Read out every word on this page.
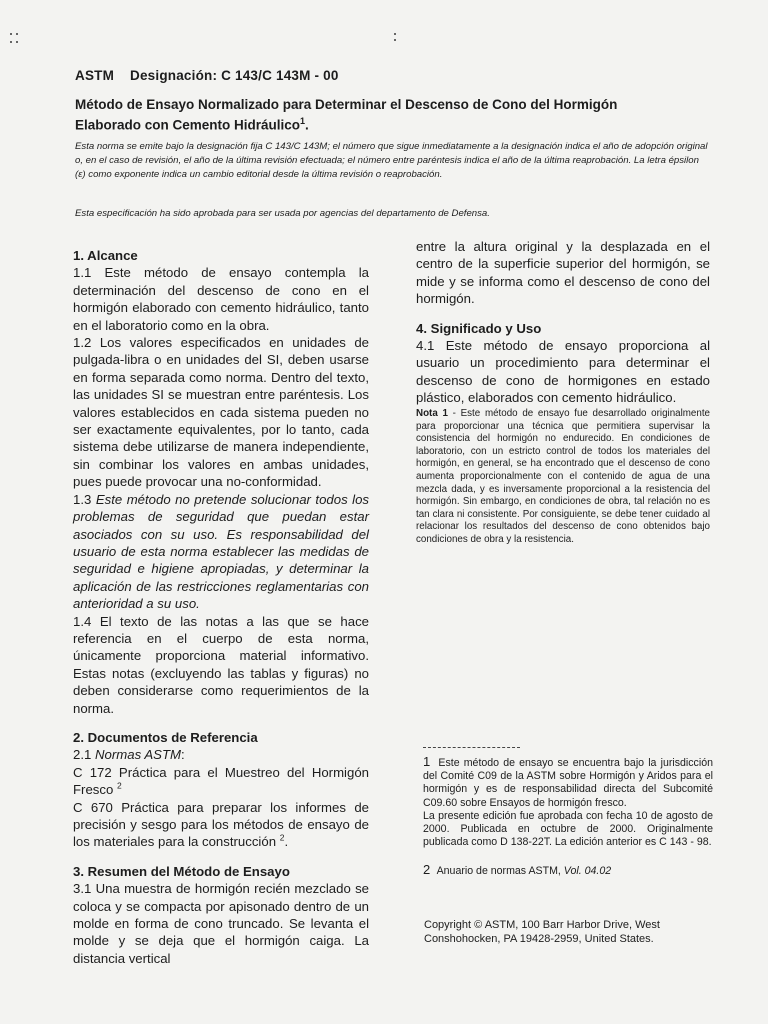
ASTM Designación: C 143/C 143M - 00
Método de Ensayo Normalizado para Determinar el Descenso de Cono del Hormigón Elaborado con Cemento Hidráulico$^1$.
Esta norma se emite bajo la designación fija C 143/C 143M; el número que sigue inmediatamente a la designación indica el año de adopción original o, en el caso de revisión, el año de la última revisión efectuada; el número entre paréntesis indica el año de la última reaprobación. La letra épsilon (ε) como exponente indica un cambio editorial desde la última revisión o reaprobación.
Esta especificación ha sido aprobada para ser usada por agencias del departamento de Defensa.
1. Alcance

1.1 Este método de ensayo contempla la determinación del descenso de cono en el hormigón elaborado con cemento hidráulico, tanto en el laboratorio como en la obra.

1.2 Los valores especificados en unidades de pulgada-libra o en unidades del SI, deben usarse en forma separada como norma. Dentro del texto, las unidades SI se muestran entre paréntesis. Los valores establecidos en cada sistema pueden no ser exactamente equivalentes, por lo tanto, cada sistema debe utilizarse de manera independiente, sin combinar los valores en ambas unidades, pues puede provocar una no-conformidad.

1.3 Este método no pretende solucionar todos los problemas de seguridad que puedan estar asociados con su uso. Es responsabilidad del usuario de esta norma establecer las medidas de seguridad e higiene apropiadas, y determinar la aplicación de las restricciones reglamentarias con anterioridad a su uso.

1.4 El texto de las notas a las que se hace referencia en el cuerpo de esta norma, únicamente proporciona material informativo. Estas notas (excluyendo las tablas y figuras) no deben considerarse como requerimientos de la norma.

2. Documentos de Referencia

2.1 Normas ASTM:

C 172 Práctica para el Muestreo del Hormigón Fresco $^2$

C 670 Práctica para preparar los informes de precisión y sesgo para los métodos de ensayo de los materiales para la construcción $^2$.

3. Resumen del Método de Ensayo

3.1 Una muestra de hormigón recién mezclado se coloca y se compacta por apisonado dentro de un molde en forma de cono truncado. Se levanta el molde y se deja que el hormigón caiga. La distancia vertical

entre la altura original y la desplazada en el centro de la superficie superior del hormigón, se mide y se informa como el descenso de cono del hormigón.

4. Significado y Uso

4.1 Este método de ensayo proporciona al usuario un procedimiento para determinar el descenso de cono de hormigones en estado plástico, elaborados con cemento hidráulico.

Nota 1 - Este método de ensayo fue desarrollado originalmente para proporcionar una técnica que permitiera supervisar la consistencia del hormigón no endurecido. En condiciones de laboratorio, con un estricto control de todos los materiales del hormigón, en general, se ha encontrado que el descenso de cono aumenta proporcionalmente con el contenido de agua de una mezcla dada, y es inversamente proporcional a la resistencia del hormigón. Sin embargo, en condiciones de obra, tal relación no es tan clara ni consistente. Por consiguiente, se debe tener cuidado al relacionar los resultados del descenso de cono obtenidos bajo condiciones de obra y la resistencia.

1 Este método de ensayo se encuentra bajo la jurisdicción del Comité C09 de la ASTM sobre Hormigón y Aridos para el hormigón y es de responsabilidad directa del Subcomité C09.60 sobre Ensayos de hormigón fresco.

La presente edición fue aprobada con fecha 10 de agosto de 2000. Publicada en octubre de 2000. Originalmente publicada como D 138-22T. La edición anterior es C 143 - 98.

2 Anuario de normas ASTM, Vol. 04.02

Copyright © ASTM, 100 Barr Harbor Drive, West Conshohocken, PA 19428-2959, United States.
